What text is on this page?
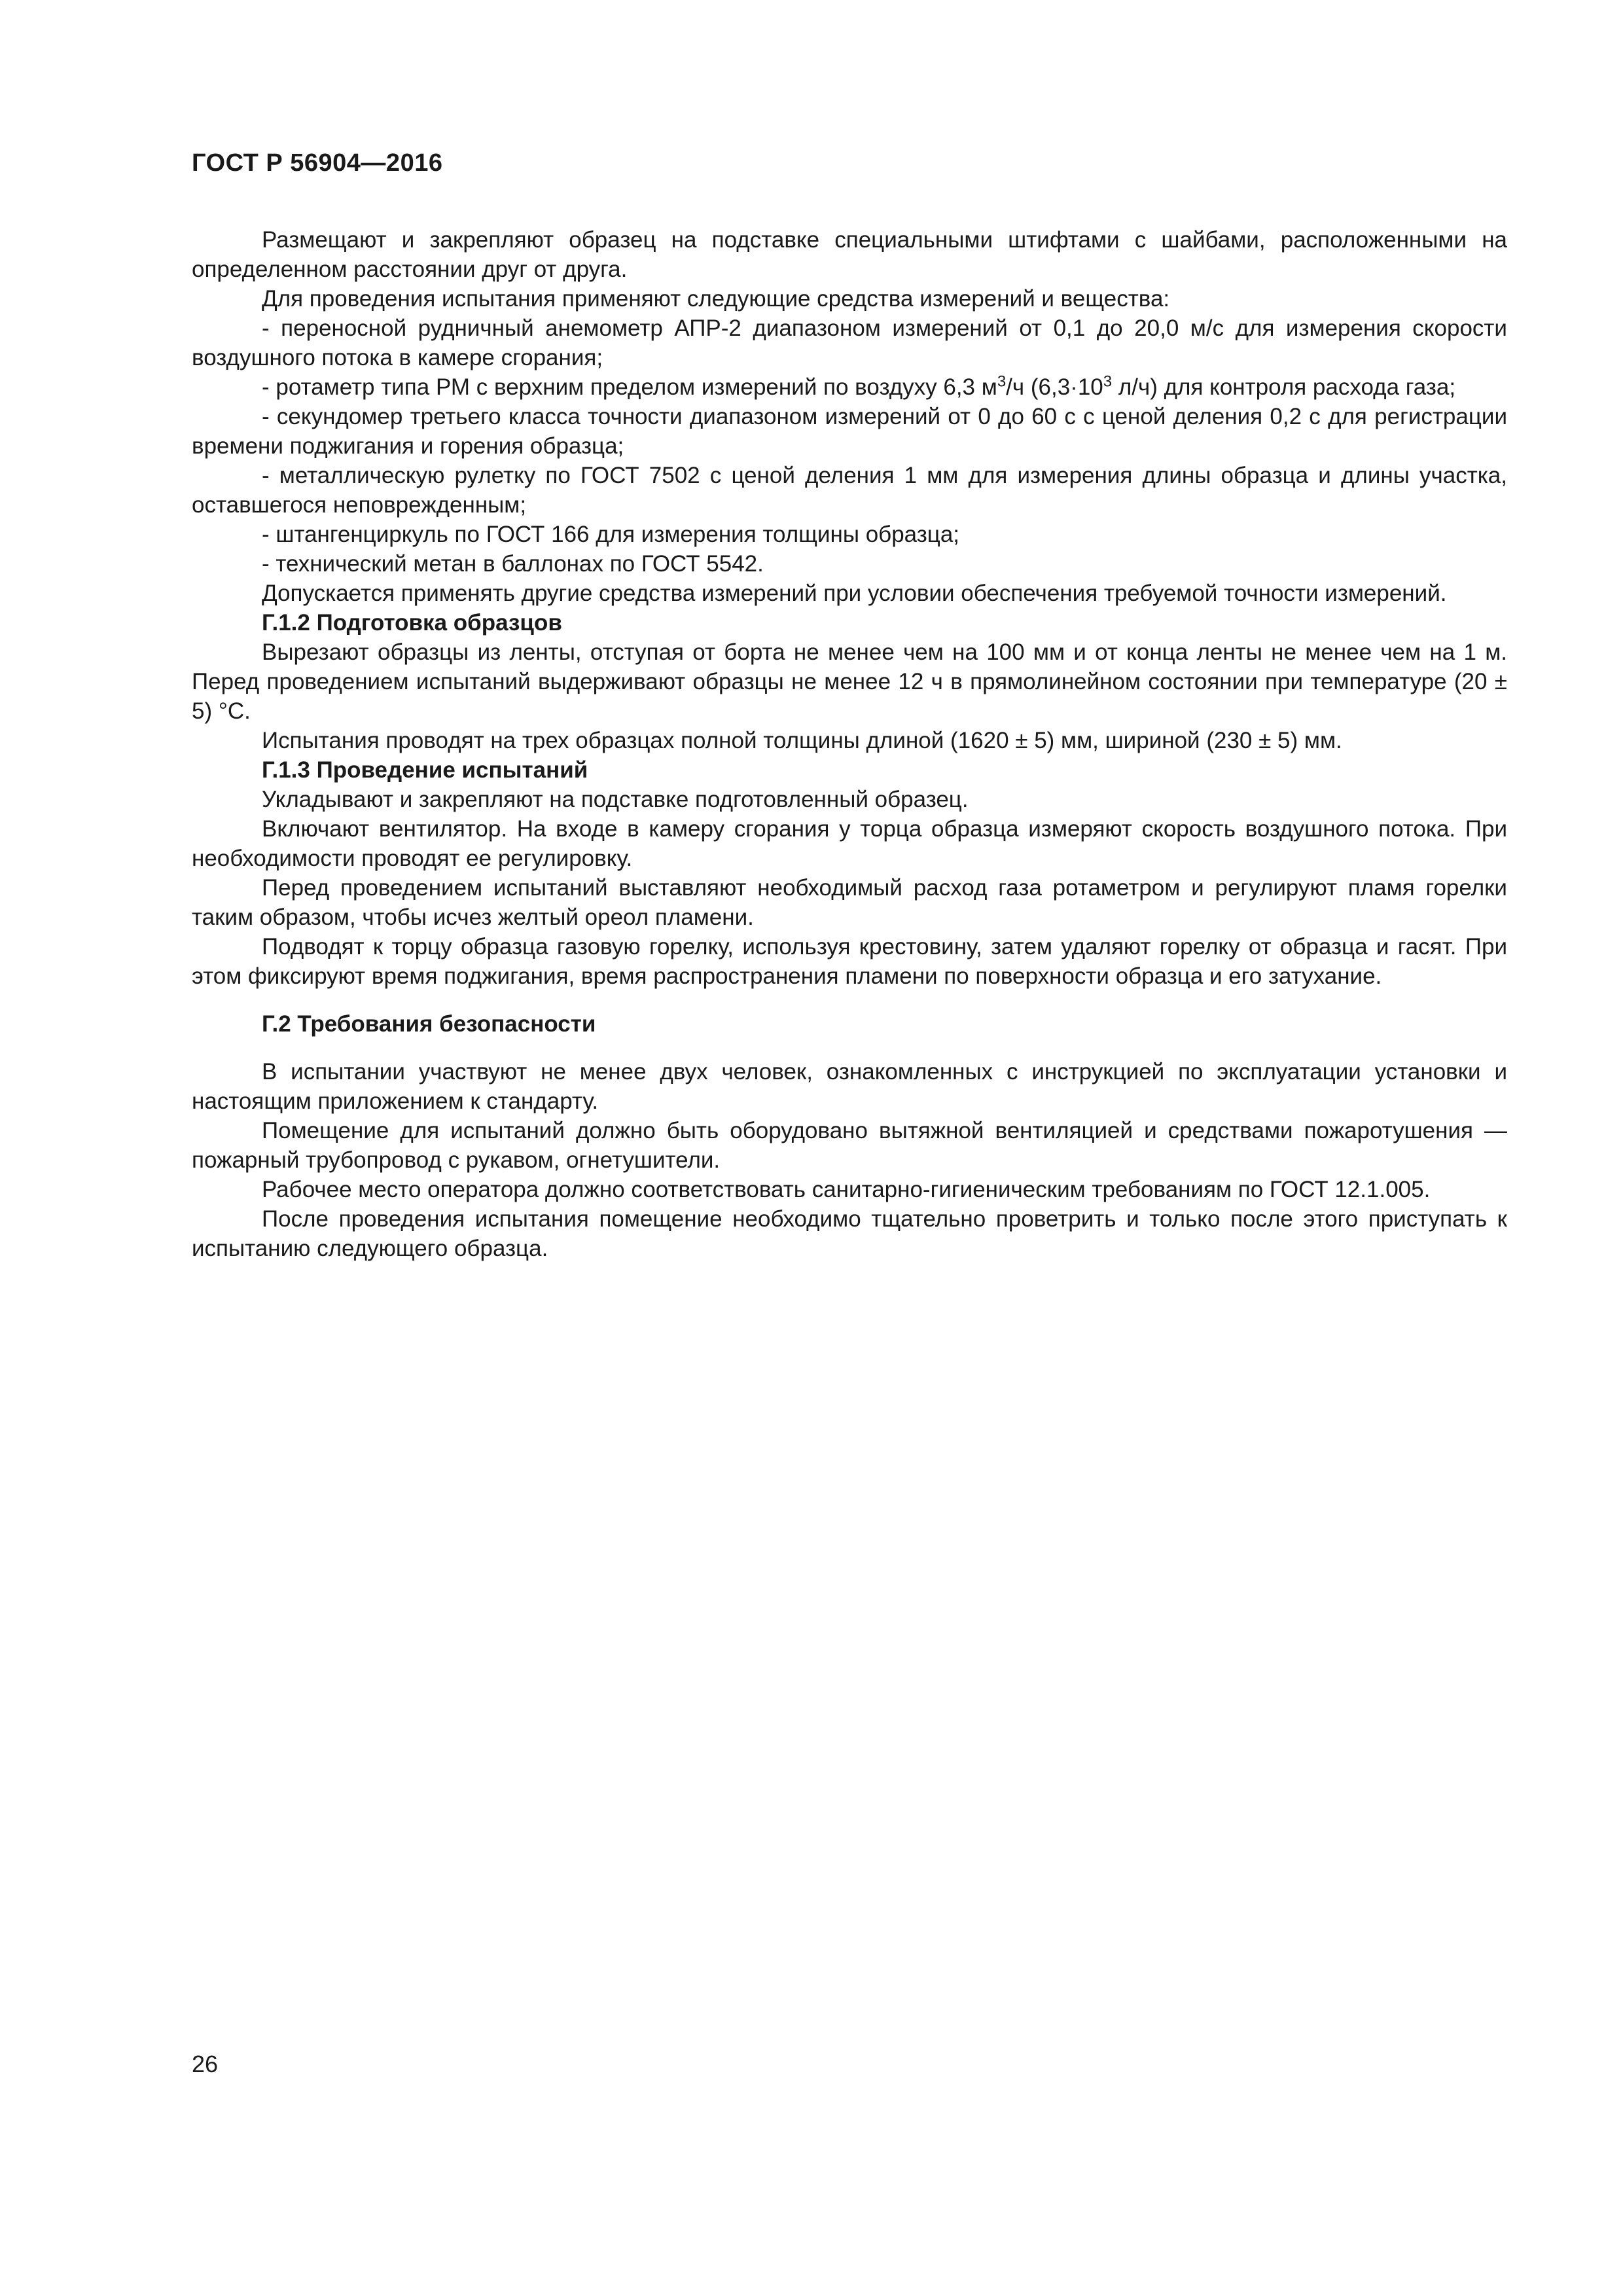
ГОСТ Р 56904—2016

Размещают и закрепляют образец на подставке специальными штифтами с шайбами, расположенными на определенном расстоянии друг от друга.

Для проведения испытания применяют следующие средства измерений и вещества:

- переносной рудничный анемометр АПР-2 диапазоном измерений от 0,1 до 20,0 м/с для измерения скорости воздушного потока в камере сгорания;

- ротаметр типа РМ с верхним пределом измерений по воздуху 6,3 $м^3/ч$ ($6,3\cdot 10^3$ л/ч) для контроля расхода газа;

- секундомер третьего класса точности диапазоном измерений от 0 до 60 с с ценой деления 0,2 с для регистрации времени поджигания и горения образца;

- металлическую рулетку по ГОСТ 7502 с ценой деления 1 мм для измерения длины образца и длины участка, оставшегося неповрежденным;

- штангенциркуль по ГОСТ 166 для измерения толщины образца;

- технический метан в баллонах по ГОСТ 5542.

Допускается применять другие средства измерений при условии обеспечения требуемой точности измерений.

Г.1.2 Подготовка образцов

Вырезают образцы из ленты, отступая от борта не менее чем на 100 мм и от конца ленты не менее чем на 1 м. Перед проведением испытаний выдерживают образцы не менее 12 ч в прямолинейном состоянии при температуре (20 ± 5) °С.

Испытания проводят на трех образцах полной толщины длиной (1620 ± 5) мм, шириной (230 ± 5) мм.

Г.1.3 Проведение испытаний

Укладывают и закрепляют на подставке подготовленный образец.

Включают вентилятор. На входе в камеру сгорания у торца образца измеряют скорость воздушного потока. При необходимости проводят ее регулировку.

Перед проведением испытаний выставляют необходимый расход газа ротаметром и регулируют пламя горелки таким образом, чтобы исчез желтый ореол пламени.

Подводят к торцу образца газовую горелку, используя крестовину, затем удаляют горелку от образца и гасят. При этом фиксируют время поджигания, время распространения пламени по поверхности образца и его затухание.

Г.2 Требования безопасности

В испытании участвуют не менее двух человек, ознакомленных с инструкцией по эксплуатации установки и настоящим приложением к стандарту.

Помещение для испытаний должно быть оборудовано вытяжной вентиляцией и средствами пожаротушения — пожарный трубопровод с рукавом, огнетушители.

Рабочее место оператора должно соответствовать санитарно-гигиеническим требованиям по ГОСТ 12.1.005.

После проведения испытания помещение необходимо тщательно проветрить и только после этого приступать к испытанию следующего образца.

26
